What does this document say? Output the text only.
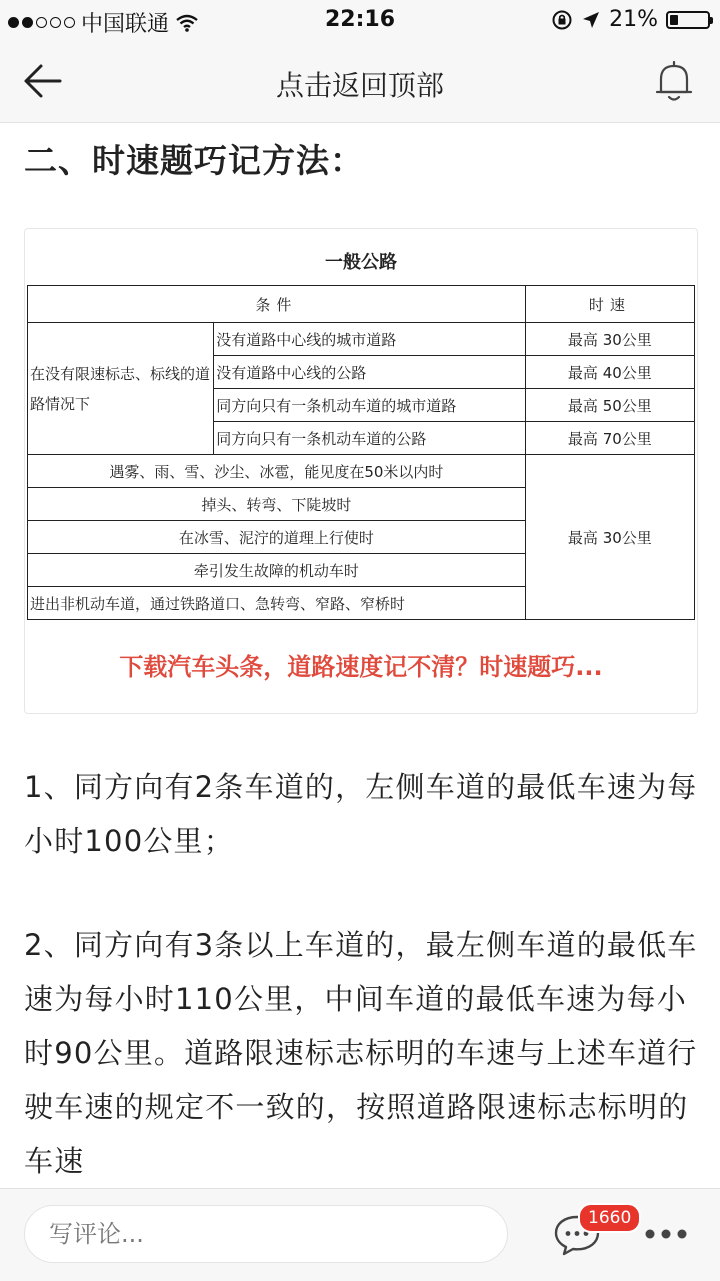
中国联通	22:16	21%
点击返回顶部
二、时速题巧记方法：
一般公路
条件		时速
在没有限速标志、标线的道路情况下	没有道路中心线的城市道路	最高 30公里
	没有道路中心线的公路	最高 40公里
	同方向只有一条机动车道的城市道路	最高 50公里
	同方向只有一条机动车道的公路	最高 70公里
遇雾、雨、雪、沙尘、冰雹，能见度在50米以内时		最高 30公里
掉头、转弯、下陡坡时		
在冰雪、泥泞的道理上行使时		
牵引发生故障的机动车时		
进出非机动车道，通过铁路道口、急转弯、窄路、窄桥时		
下载汽车头条，道路速度记不清？时速题巧...
1、同方向有2条车道的，左侧车道的最低车速为每小时100公里；
2、同方向有3条以上车道的，最左侧车道的最低车速为每小时110公里，中间车道的最低车速为每小时90公里。道路限速标志标明的车速与上述车道行驶车速的规定不一致的，按照道路限速标志标明的车速
写评论...
1660
